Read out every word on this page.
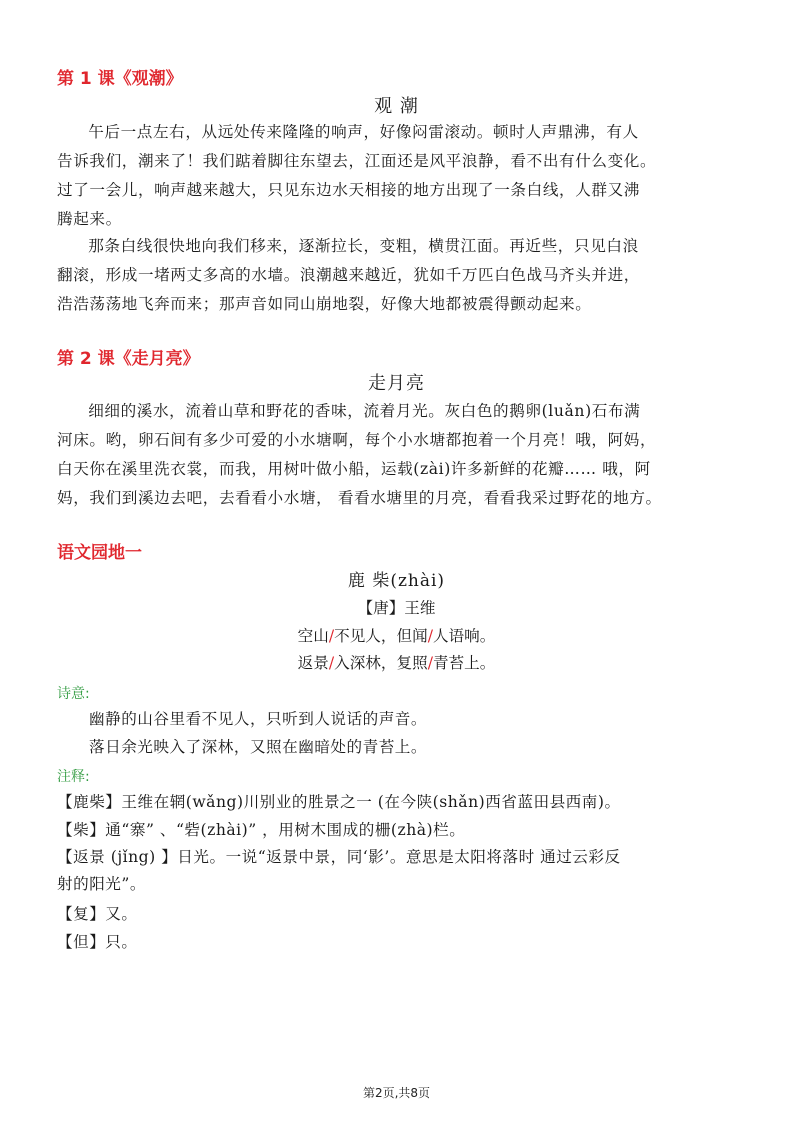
第 1 课《观潮》
观 潮
午后一点左右，从远处传来隆隆的响声，好像闷雷滚动。顿时人声鼎沸，有人
告诉我们，潮来了！我们踮着脚往东望去，江面还是风平浪静，看不出有什么变化。
过了一会儿，响声越来越大，只见东边水天相接的地方出现了一条白线，人群又沸
腾起来。
那条白线很快地向我们移来，逐渐拉长，变粗，横贯江面。再近些，只见白浪
翻滚，形成一堵两丈多高的水墙。浪潮越来越近，犹如千万匹白色战马齐头并进，
浩浩荡荡地飞奔而来；那声音如同山崩地裂，好像大地都被震得颤动起来。
第 2 课《走月亮》
走月亮
细细的溪水，流着山草和野花的香味，流着月光。灰白色的鹅卵(luǎn)石布满
河床。哟，卵石间有多少可爱的小水塘啊，每个小水塘都抱着一个月亮！哦，阿妈，
白天你在溪里洗衣裳，而我，用树叶做小船，运载(zài)许多新鲜的花瓣…… 哦，阿
妈，我们到溪边去吧，去看看小水塘， 看看水塘里的月亮，看看我采过野花的地方。
语文园地一
鹿 柴(zhài)
【唐】王维
空山/不见人，但闻/人语响。
返景/入深林，复照/青苔上。
诗意:
幽静的山谷里看不见人，只听到人说话的声音。
落日余光映入了深林，又照在幽暗处的青苔上。
注释:
【鹿柴】王维在辋(wǎng)川别业的胜景之一 (在今陕(shǎn)西省蓝田县西南)。
【柴】通“寨” 、“砦(zhài)” ，用树木围成的栅(zhà)栏。
【返景 (jǐng) 】日光。一说“返景中景，同‘影’。意思是太阳将落时 通过云彩反
射的阳光”。
【复】又。
【但】只。
第2页,共8页
